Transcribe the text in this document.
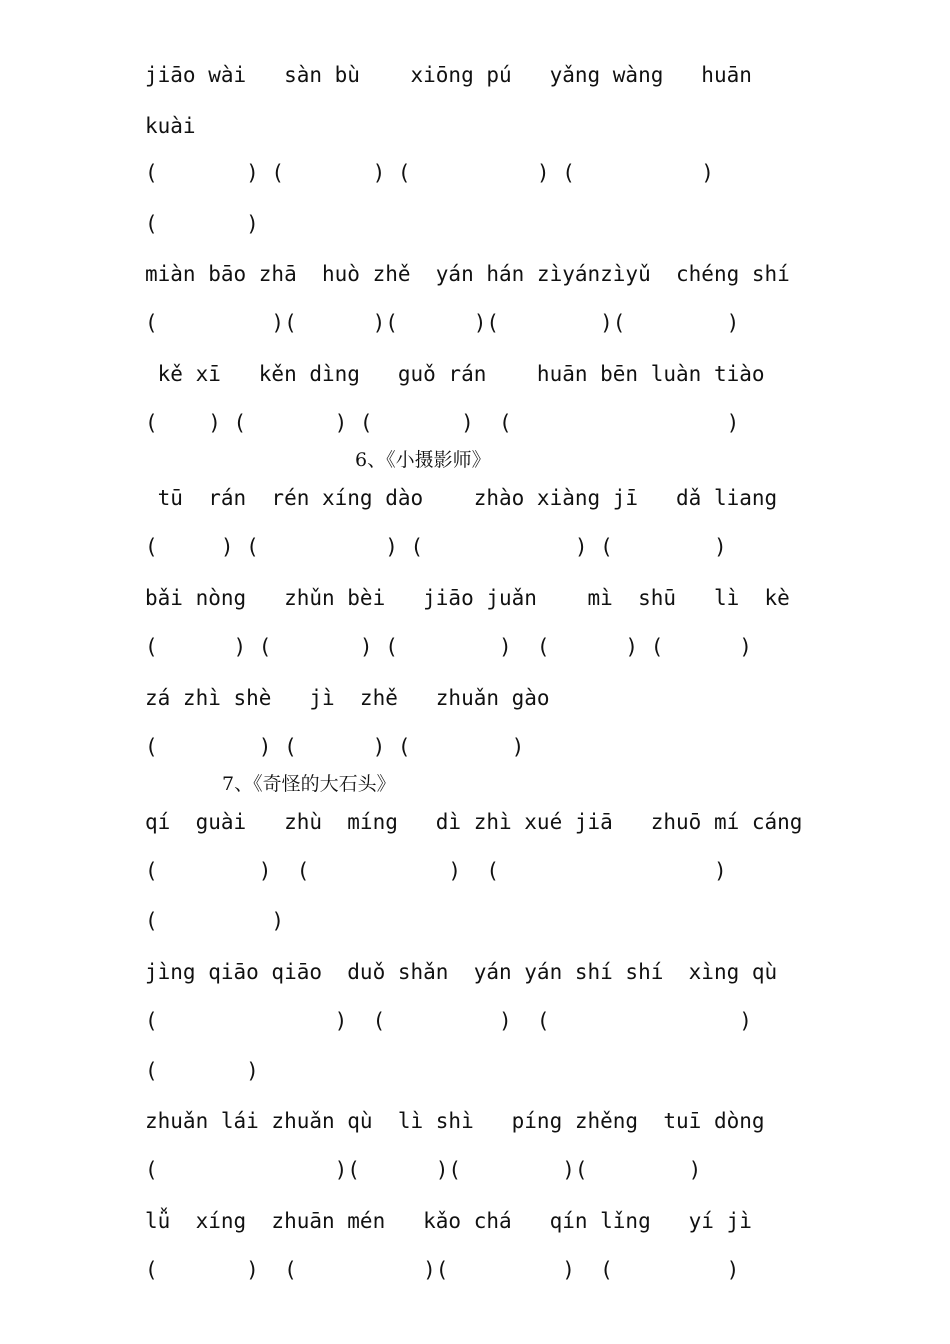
jiāo wài   sàn bù    xiōng pú   yǎng wàng   huān
kuài
(       ) (       ) (          ) (          )
(       )
miàn bāo zhā  huò zhě  yán hán zìyánzìyǔ  chéng shí
(         )(      )(      )(        )(        )
kě xī   kěn dìng   guǒ rán    huān bēn luàn tiào
(    ) (       ) (       )  (                 )
6、《小摄影师》
tū  rán  rén xíng dào    zhào xiàng jī   dǎ liang
(     ) (          ) (            ) (        )
bǎi nòng   zhǔn bèi   jiāo juǎn    mì  shū   lì  kè
(      ) (       ) (        )  (      ) (      )
zá zhì shè   jì  zhě   zhuǎn gào
(        ) (      ) (        )
7、《奇怪的大石头》
qí  guài   zhù  míng   dì zhì xué jiā   zhuō mí cáng
(        )  (           )  (                 )
(         )
jìng qiāo qiāo  duǒ shǎn  yán yán shí shí  xìng qù
(              )  (         )  (               )
(       )
zhuǎn lái zhuǎn qù  lì shì   píng zhěng  tuī dòng
(              )(      )(        )(        )
lǚ  xíng  zhuān mén   kǎo chá   qín lǐng   yí jì
(       )  (          )(         )  (         )
